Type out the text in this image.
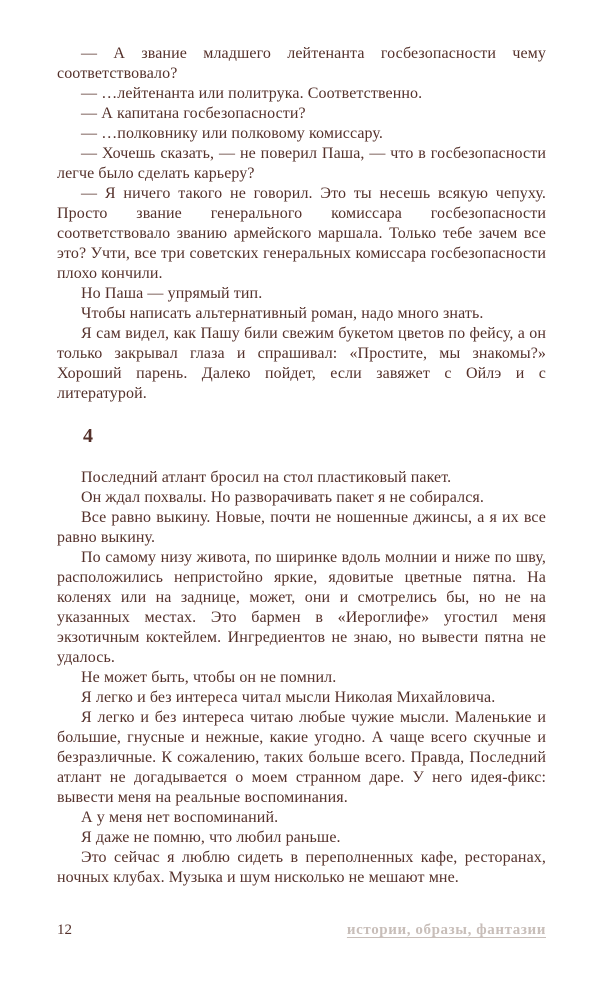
— А звание младшего лейтенанта госбезопасности чему соответствовало?

— …лейтенанта или политрука. Соответственно.

— А капитана госбезопасности?

— …полковнику или полковому комиссару.

— Хочешь сказать, — не поверил Паша, — что в госбезопасности легче было сделать карьеру?

— Я ничего такого не говорил. Это ты несешь всякую чепуху. Просто звание генерального комиссара госбезопасности соответствовало званию армейского маршала. Только тебе зачем все это? Учти, все три советских генеральных комиссара госбезопасности плохо кончили.

Но Паша — упрямый тип.

Чтобы написать альтернативный роман, надо много знать.

Я сам видел, как Пашу били свежим букетом цветов по фейсу, а он только закрывал глаза и спрашивал: «Простите, мы знакомы?» Хороший парень. Далеко пойдет, если завяжет с Ойлэ и с литературой.

4

Последний атлант бросил на стол пластиковый пакет.

Он ждал похвалы. Но разворачивать пакет я не собирался.

Все равно выкину. Новые, почти не ношенные джинсы, а я их все равно выкину.

По самому низу живота, по ширинке вдоль молнии и ниже по шву, расположились непристойно яркие, ядовитые цветные пятна. На коленях или на заднице, может, они и смотрелись бы, но не на указанных местах. Это бармен в «Иероглифе» угостил меня экзотичным коктейлем. Ингредиентов не знаю, но вывести пятна не удалось.

Не может быть, чтобы он не помнил.

Я легко и без интереса читал мысли Николая Михайловича.

Я легко и без интереса читаю любые чужие мысли. Маленькие и большие, гнусные и нежные, какие угодно. А чаще всего скучные и безразличные. К сожалению, таких больше всего. Правда, Последний атлант не догадывается о моем странном даре. У него идея-фикс: вывести меня на реальные воспоминания.

А у меня нет воспоминаний.

Я даже не помню, что любил раньше.

Это сейчас я люблю сидеть в переполненных кафе, ресторанах, ночных клубах. Музыка и шум нисколько не мешают мне.

12	истории, образы, фантазии
